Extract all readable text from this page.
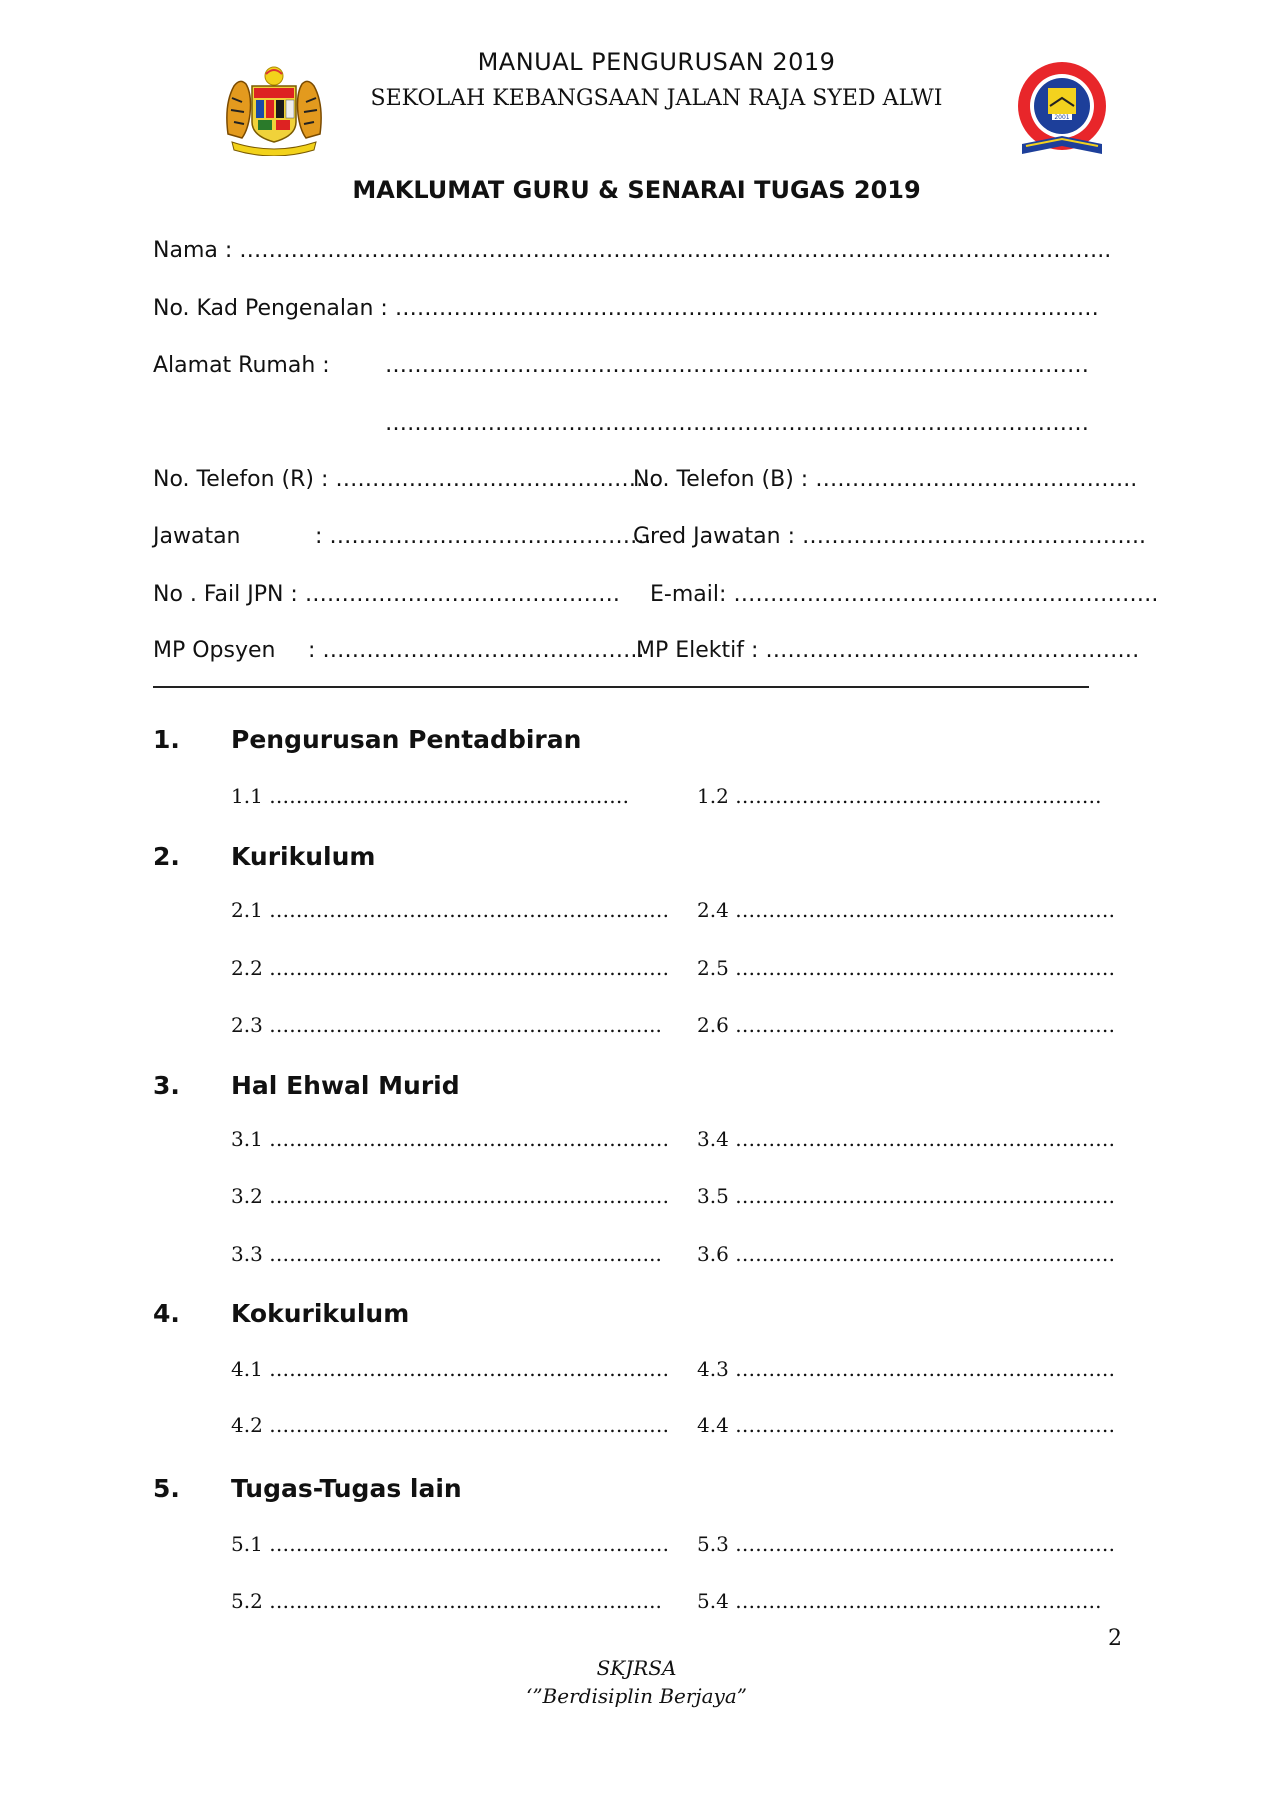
2001
MANUAL PENGURUSAN 2019
SEKOLAH KEBANGSAAN JALAN RAJA SYED ALWI
MAKLUMAT GURU & SENARAI TUGAS 2019
Nama : ………………………………………………………………………………………………………..
No. Kad Pengenalan : ……………………………………………………………………………………
Alamat Rumah :	……………………………………………………………………………………
……………………………………………………………………………………
No. Telefon (R) : ……………………………………..
No. Telefon (B) : ……………………………………..
Jawatan	: ……………………………………..
Gred Jawatan : ………………………………………..
No . Fail JPN : ……………………………………. E-mail: ………………………………………………….
MP Opsyen : ……………………………………..
MP Elektif : ……………………………………………
1. Pengurusan Pentadbiran
1.1 ………………………………………………	1.2 ……………………………………………….
2. Kurikulum
2.1 …………………………………………………… 2.4 …………………………………………………
2.2 …………………………………………………… 2.5 …………………………………………………
2.3 ………………………………………………….. 2.6 …………………………………………………
3. Hal Ehwal Murid
3.1 …………………………………………………… 3.4 …………………………………………………
3.2 …………………………………………………… 3.5 …………………………………………………
3.3 ………………………………………………….. 3.6 …………………………………………………
4. Kokurikulum
4.1 …………………………………………………… 4.3 …………………………………………………
4.2 …………………………………………………… 4.4 …………………………………………………
5. Tugas-Tugas lain
5.1 …………………………………………………… 5.3 …………………………………………………
5.2 ………………………………………………….. 5.4 ……………………………………………….
2
SKJRSA
‘”Berdisiplin Berjaya”
